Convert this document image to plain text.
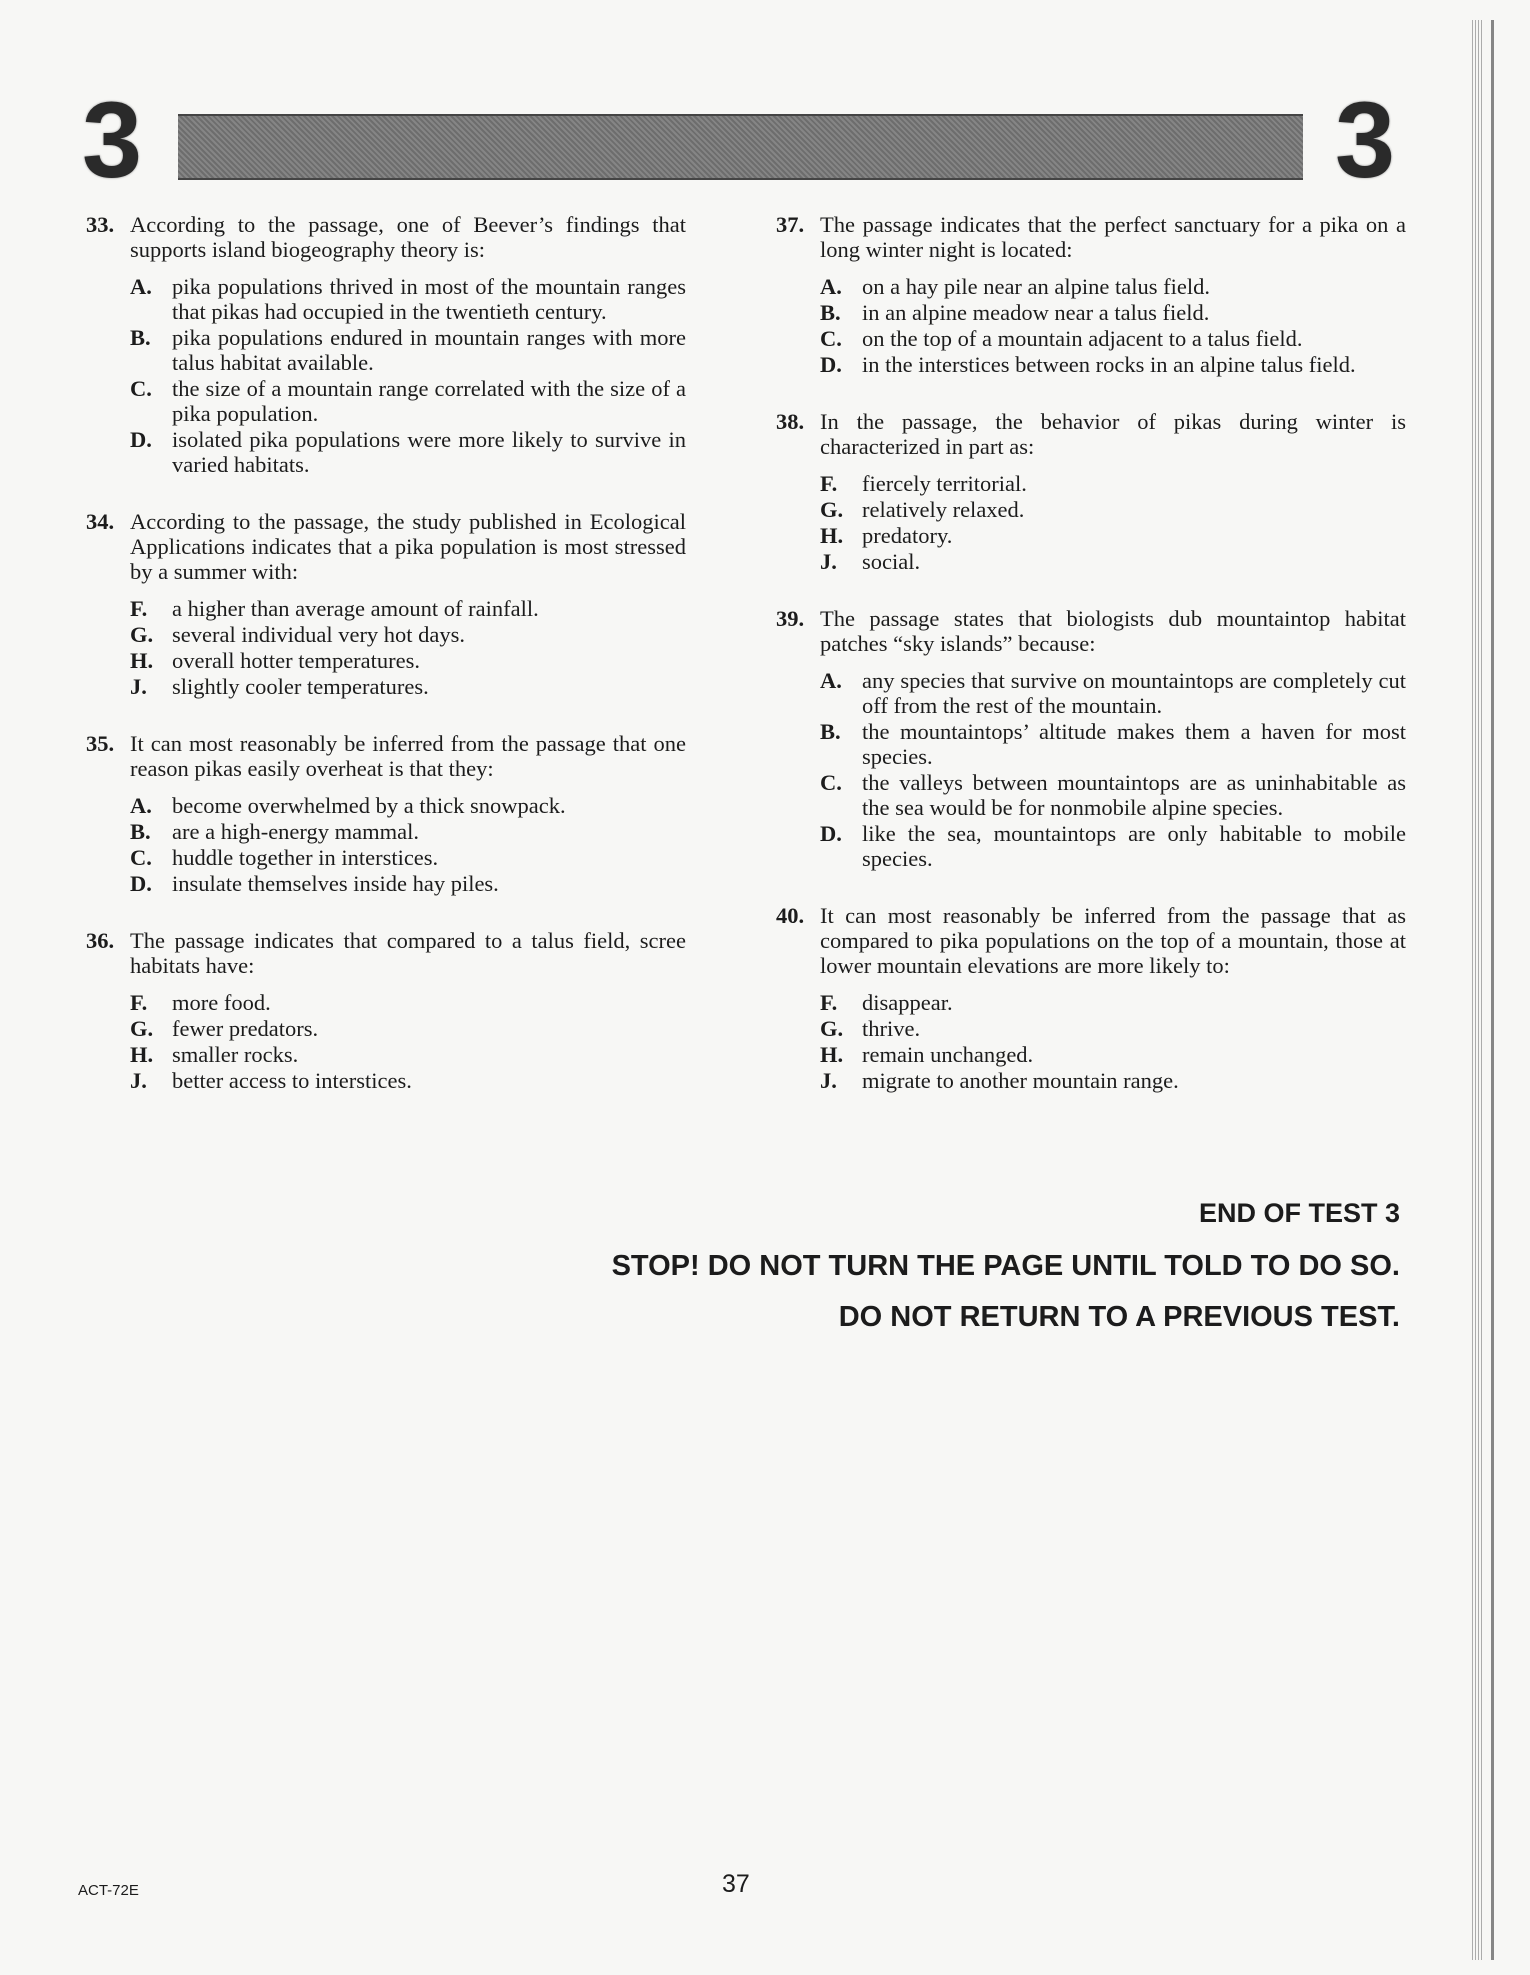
3	3
33. According to the passage, one of Beever’s findings that supports island biogeography theory is:
A. pika populations thrived in most of the mountain ranges that pikas had occupied in the twentieth century.
B. pika populations endured in mountain ranges with more talus habitat available.
C. the size of a mountain range correlated with the size of a pika population.
D. isolated pika populations were more likely to survive in varied habitats.
34. According to the passage, the study published in Ecological Applications indicates that a pika population is most stressed by a summer with:
F.	a higher than average amount of rainfall.
G. several individual very hot days.
H. overall hotter temperatures.
J.	slightly cooler temperatures.
35. It can most reasonably be inferred from the passage that one reason pikas easily overheat is that they:
A. become overwhelmed by a thick snowpack.
B. are a high-energy mammal.
C. huddle together in interstices.
D. insulate themselves inside hay piles.
36. The passage indicates that compared to a talus field, scree habitats have:
F.	more food.
G. fewer predators.
H. smaller rocks.
J.	better access to interstices.
37. The passage indicates that the perfect sanctuary for a pika on a long winter night is located:
A. on a hay pile near an alpine talus field.
B. in an alpine meadow near a talus field.
C. on the top of a mountain adjacent to a talus field.
D. in the interstices between rocks in an alpine talus field.
38. In the passage, the behavior of pikas during winter is characterized in part as:
F.	fiercely territorial.
G. relatively relaxed.
H. predatory.
J.	social.
39. The passage states that biologists dub mountaintop habitat patches “sky islands” because:
A. any species that survive on mountaintops are completely cut off from the rest of the mountain.
B. the mountaintops’ altitude makes them a haven for most species.
C. the valleys between mountaintops are as uninhabitable as the sea would be for nonmobile alpine species.
D. like the sea, mountaintops are only habitable to mobile species.
40. It can most reasonably be inferred from the passage that as compared to pika populations on the top of a mountain, those at lower mountain elevations are more likely to:
F.	disappear.
G. thrive.
H. remain unchanged.
J.	migrate to another mountain range.
END OF TEST 3
STOP! DO NOT TURN THE PAGE UNTIL TOLD TO DO SO.
DO NOT RETURN TO A PREVIOUS TEST.
ACT-72E	37
